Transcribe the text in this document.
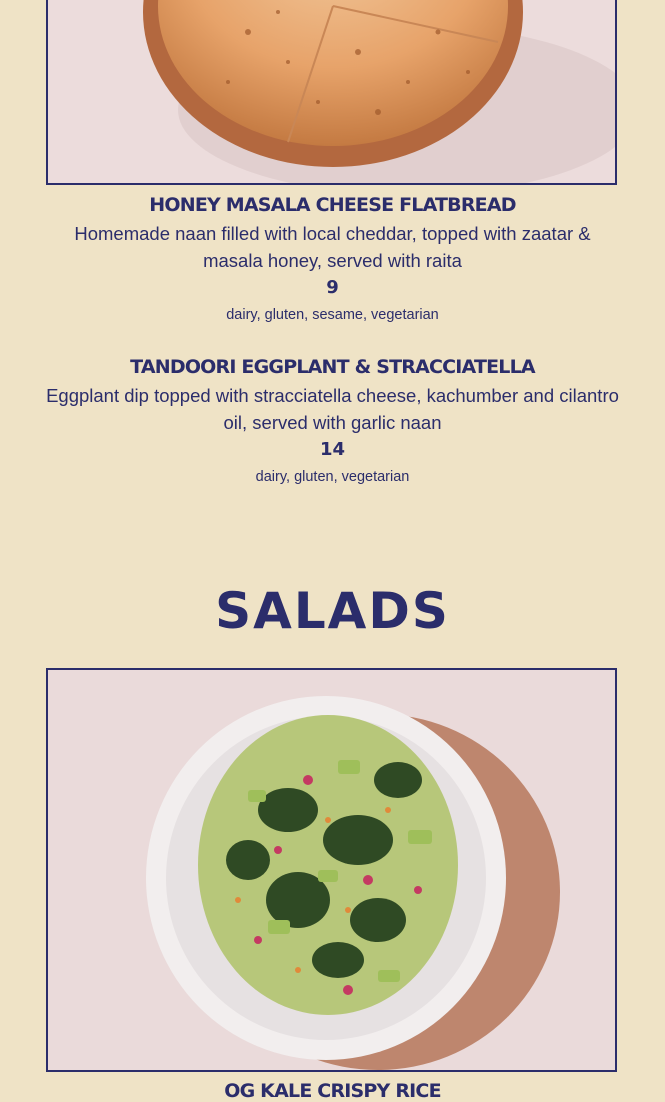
HONEY MASALA CHEESE FLATBREAD
Homemade naan filled with local cheddar, topped with zaatar & masala honey, served with raita
9
dairy, gluten, sesame, vegetarian
TANDOORI EGGPLANT & STRACCIATELLA
Eggplant dip topped with stracciatella cheese, kachumber and cilantro oil, served with garlic naan
14
dairy, gluten, vegetarian
SALADS
OG KALE CRISPY RICE
